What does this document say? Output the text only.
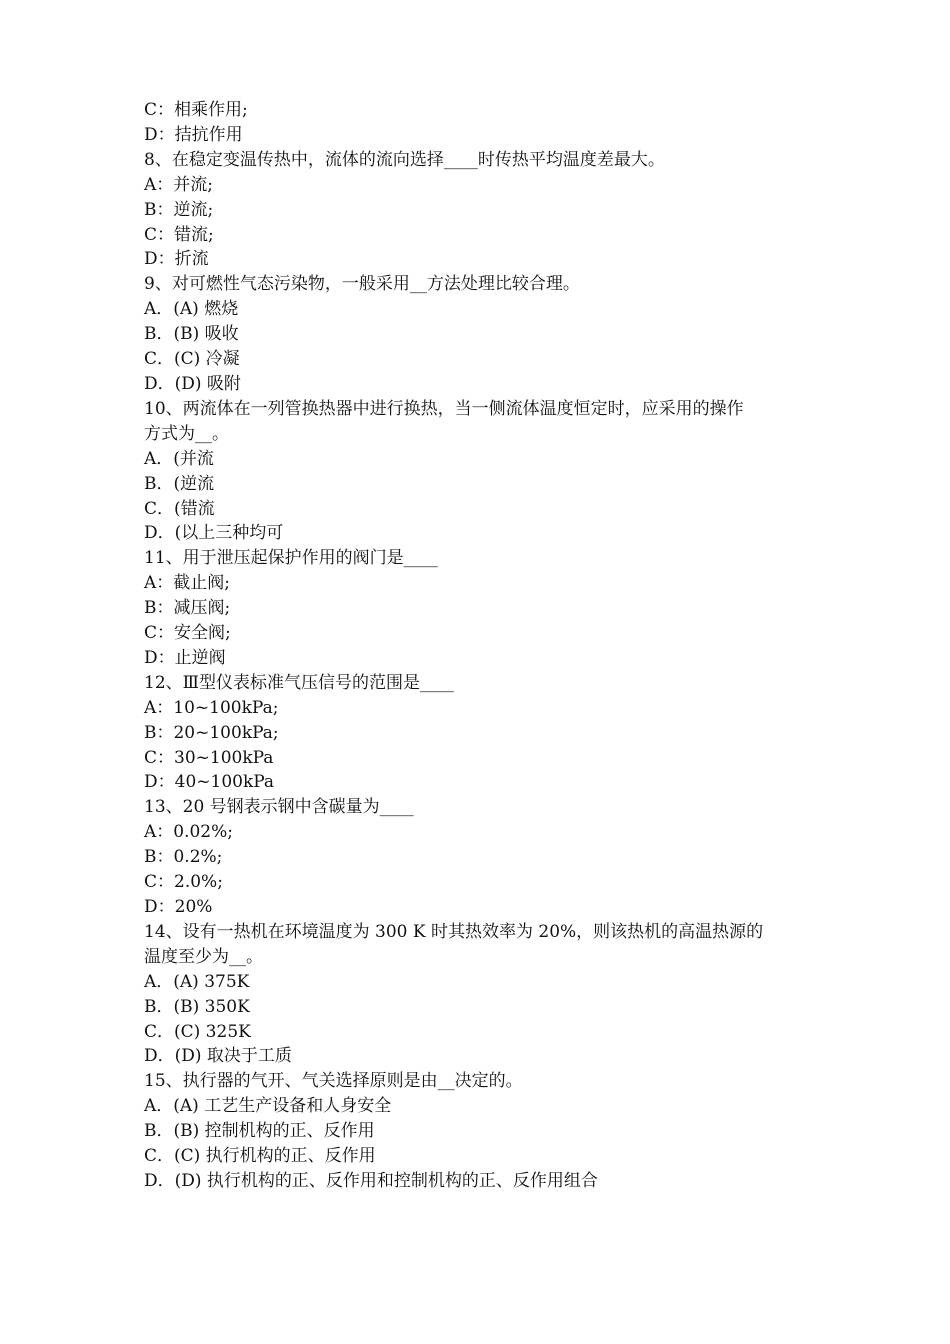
C：相乘作用;

D：拮抗作用

8、在稳定变温传热中，流体的流向选择____时传热平均温度差最大。

A：并流;

B：逆流;

C：错流;

D：折流

9、对可燃性气态污染物，一般采用__方法处理比较合理。

A．(A) 燃烧

B．(B) 吸收

C．(C) 冷凝

D．(D) 吸附

10、两流体在一列管换热器中进行换热，当一侧流体温度恒定时，应采用的操作

方式为__。

A．(并流

B．(逆流

C．(错流

D．(以上三种均可

11、用于泄压起保护作用的阀门是____

A：截止阀;

B：减压阀;

C：安全阀;

D：止逆阀

12、Ⅲ型仪表标准气压信号的范围是____

A：10~100kPa;

B：20~100kPa;

C：30~100kPa

D：40~100kPa

13、20 号钢表示钢中含碳量为____

A：0.02%;

B：0.2%;

C：2.0%;

D：20%

14、设有一热机在环境温度为 300 K 时其热效率为 20%，则该热机的高温热源的

温度至少为__。

A．(A) 375K

B．(B) 350K

C．(C) 325K

D．(D) 取决于工质

15、执行器的气开、气关选择原则是由__决定的。

A．(A) 工艺生产设备和人身安全

B．(B) 控制机构的正、反作用

C．(C) 执行机构的正、反作用

D．(D) 执行机构的正、反作用和控制机构的正、反作用组合
